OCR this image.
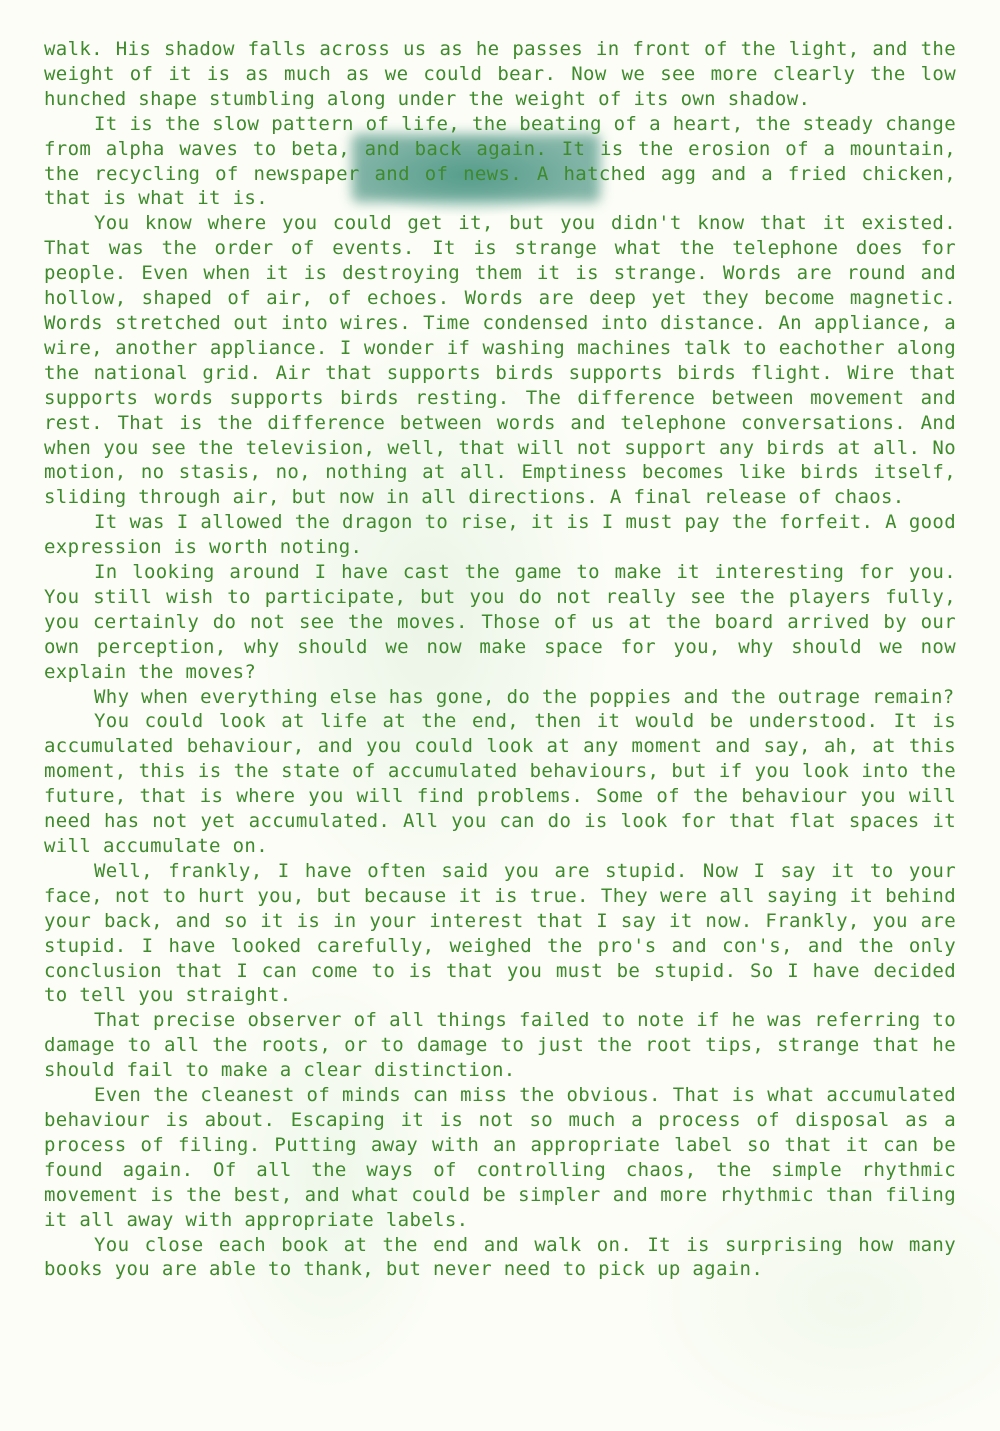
walk. His shadow falls across us as he passes in front of the light, and the weight of it is as much as we could bear. Now we see more clearly the low hunched shape stumbling along under the weight of its own shadow.

It is the slow pattern of life, the beating of a heart, the steady change from alpha waves to beta, and back again. It is the erosion of a mountain, the recycling of newspaper and of news. A hatched agg and a fried chicken, that is what it is.

You know where you could get it, but you didn't know that it existed. That was the order of events. It is strange what the telephone does for people. Even when it is destroying them it is strange. Words are round and hollow, shaped of air, of echoes. Words are deep yet they become magnetic. Words stretched out into wires. Time condensed into distance. An appliance, a wire, another appliance. I wonder if washing machines talk to eachother along the national grid. Air that supports birds supports birds flight. Wire that supports words supports birds resting. The difference between movement and rest. That is the difference between words and telephone conversations. And when you see the television, well, that will not support any birds at all. No motion, no stasis, no, nothing at all. Emptiness becomes like birds itself, sliding through air, but now in all directions. A final release of chaos.

It was I allowed the dragon to rise, it is I must pay the forfeit. A good expression is worth noting.

In looking around I have cast the game to make it interesting for you. You still wish to participate, but you do not really see the players fully, you certainly do not see the moves. Those of us at the board arrived by our own perception, why should we now make space for you, why should we now explain the moves?

Why when everything else has gone, do the poppies and the outrage remain?

You could look at life at the end, then it would be understood. It is accumulated behaviour, and you could look at any moment and say, ah, at this moment, this is the state of accumulated behaviours, but if you look into the future, that is where you will find problems. Some of the behaviour you will need has not yet accumulated. All you can do is look for that flat spaces it will accumulate on.

Well, frankly, I have often said you are stupid. Now I say it to your face, not to hurt you, but because it is true. They were all saying it behind your back, and so it is in your interest that I say it now. Frankly, you are stupid. I have looked carefully, weighed the pro's and con's, and the only conclusion that I can come to is that you must be stupid. So I have decided to tell you straight.

That precise observer of all things failed to note if he was referring to damage to all the roots, or to damage to just the root tips, strange that he should fail to make a clear distinction.

Even the cleanest of minds can miss the obvious. That is what accumulated behaviour is about. Escaping it is not so much a process of disposal as a process of filing. Putting away with an appropriate label so that it can be found again. Of all the ways of controlling chaos, the simple rhythmic movement is the best, and what could be simpler and more rhythmic than filing it all away with appropriate labels.

You close each book at the end and walk on. It is surprising how many books you are able to thank, but never need to pick up again.
